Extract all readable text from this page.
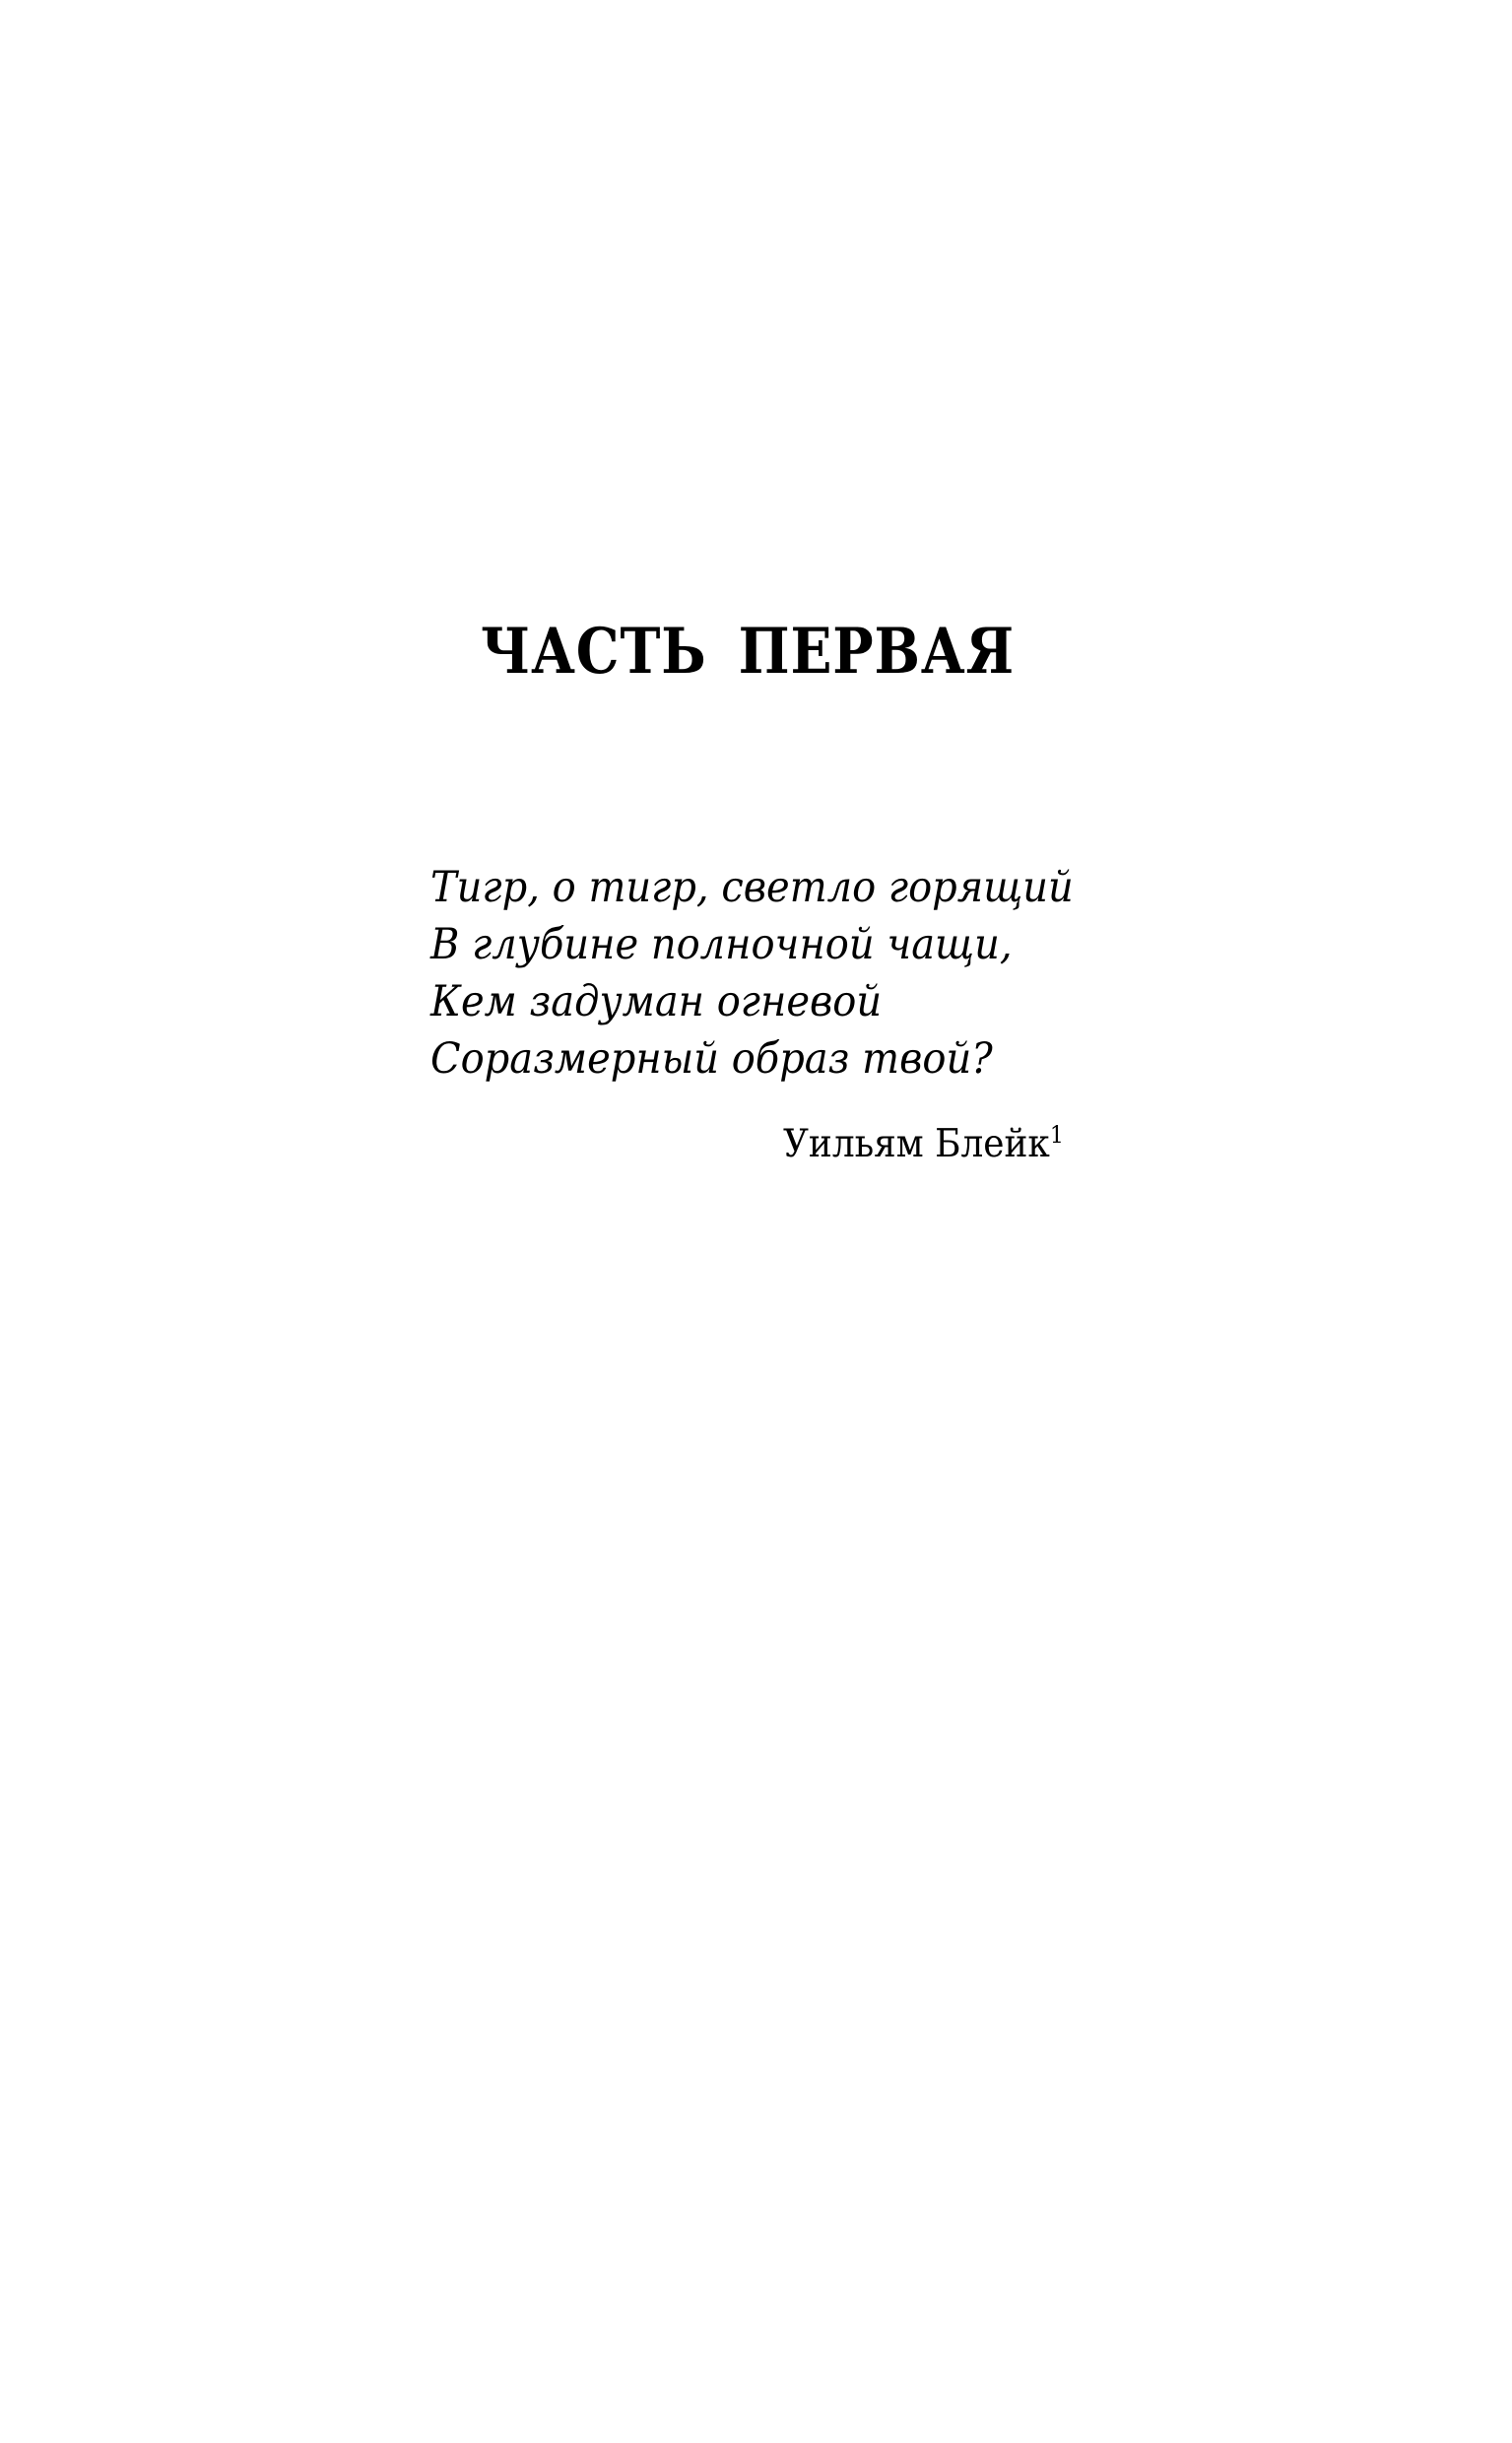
ЧАСТЬ ПЕРВАЯ
Тигр, о тигр, светло горящий
В глубине полночной чащи,
Кем задуман огневой
Соразмерный образ твой?
Уильям Блейк$^1$
